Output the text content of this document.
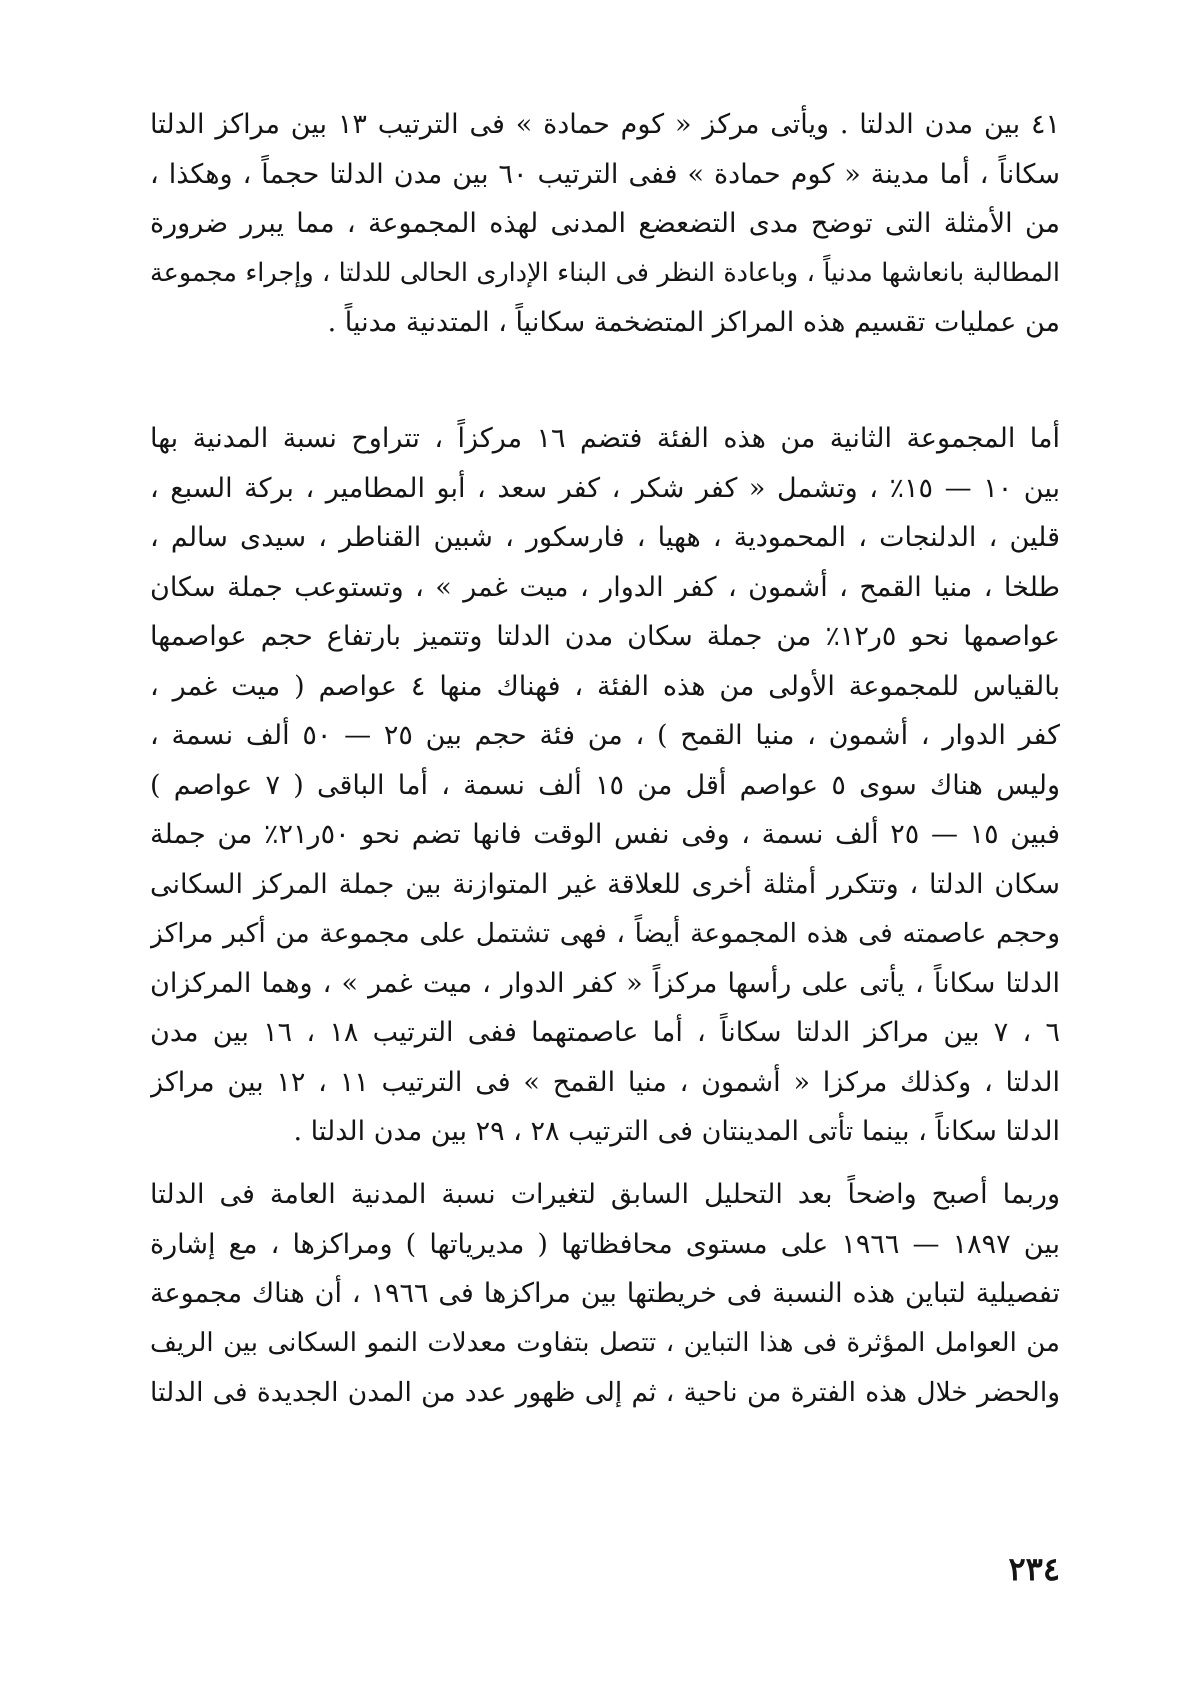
٤١ بين مدن الدلتا . ويأتى مركز « كوم حمادة » فى الترتيب ١٣ بين مراكز الدلتا
سكاناً ، أما مدينة « كوم حمادة » ففى الترتيب ٦٠ بين مدن الدلتا حجماً ، وهكذا ،
من الأمثلة التى توضح مدى التضعضع المدنى لهذه المجموعة ، مما يبرر ضرورة
المطالبة بانعاشها مدنياً ، وباعادة النظر فى البناء الإدارى الحالى للدلتا ، وإجراء مجموعة
من عمليات تقسيم هذه المراكز المتضخمة سكانياً ، المتدنية مدنياً .

أما المجموعة الثانية من هذه الفئة فتضم ١٦ مركزاً ، تتراوح نسبة المدنية بها
بين ١٠ — ١٥٪ ، وتشمل « كفر شكر ، كفر سعد ، أبو المطامير ، بركة السبع ،
قلين ، الدلنجات ، المحمودية ، ههيا ، فارسكور ، شبين القناطر ، سيدى سالم ،
طلخا ، منيا القمح ، أشمون ، كفر الدوار ، ميت غمر » ، وتستوعب جملة سكان
عواصمها نحو ٥ر١٢٪ من جملة سكان مدن الدلتا وتتميز بارتفاع حجم عواصمها
بالقياس للمجموعة الأولى من هذه الفئة ، فهناك منها ٤ عواصم ( ميت غمر ،
كفر الدوار ، أشمون ، منيا القمح ) ، من فئة حجم بين ٢٥ — ٥٠ ألف نسمة ،
وليس هناك سوى ٥ عواصم أقل من ١٥ ألف نسمة ، أما الباقى ( ٧ عواصم )
فبين ١٥ — ٢٥ ألف نسمة ، وفى نفس الوقت فانها تضم نحو ٥٠ر٢١٪ من جملة
سكان الدلتا ، وتتكرر أمثلة أخرى للعلاقة غير المتوازنة بين جملة المركز السكانى
وحجم عاصمته فى هذه المجموعة أيضاً ، فهى تشتمل على مجموعة من أكبر مراكز
الدلتا سكاناً ، يأتى على رأسها مركزاً « كفر الدوار ، ميت غمر » ، وهما المركزان
٦ ، ٧ بين مراكز الدلتا سكاناً ، أما عاصمتهما ففى الترتيب ١٨ ، ١٦ بين مدن
الدلتا ، وكذلك مركزا « أشمون ، منيا القمح » فى الترتيب ١١ ، ١٢ بين مراكز
الدلتا سكاناً ، بينما تأتى المدينتان فى الترتيب ٢٨ ، ٢٩ بين مدن الدلتا .

وربما أصبح واضحاً بعد التحليل السابق لتغيرات نسبة المدنية العامة فى الدلتا
بين ١٨٩٧ — ١٩٦٦ على مستوى محافظاتها ( مديرياتها ) ومراكزها ، مع إشارة
تفصيلية لتباين هذه النسبة فى خريطتها بين مراكزها فى ١٩٦٦ ، أن هناك مجموعة
من العوامل المؤثرة فى هذا التباين ، تتصل بتفاوت معدلات النمو السكانى بين الريف
والحضر خلال هذه الفترة من ناحية ، ثم إلى ظهور عدد من المدن الجديدة فى الدلتا

٢٣٤
